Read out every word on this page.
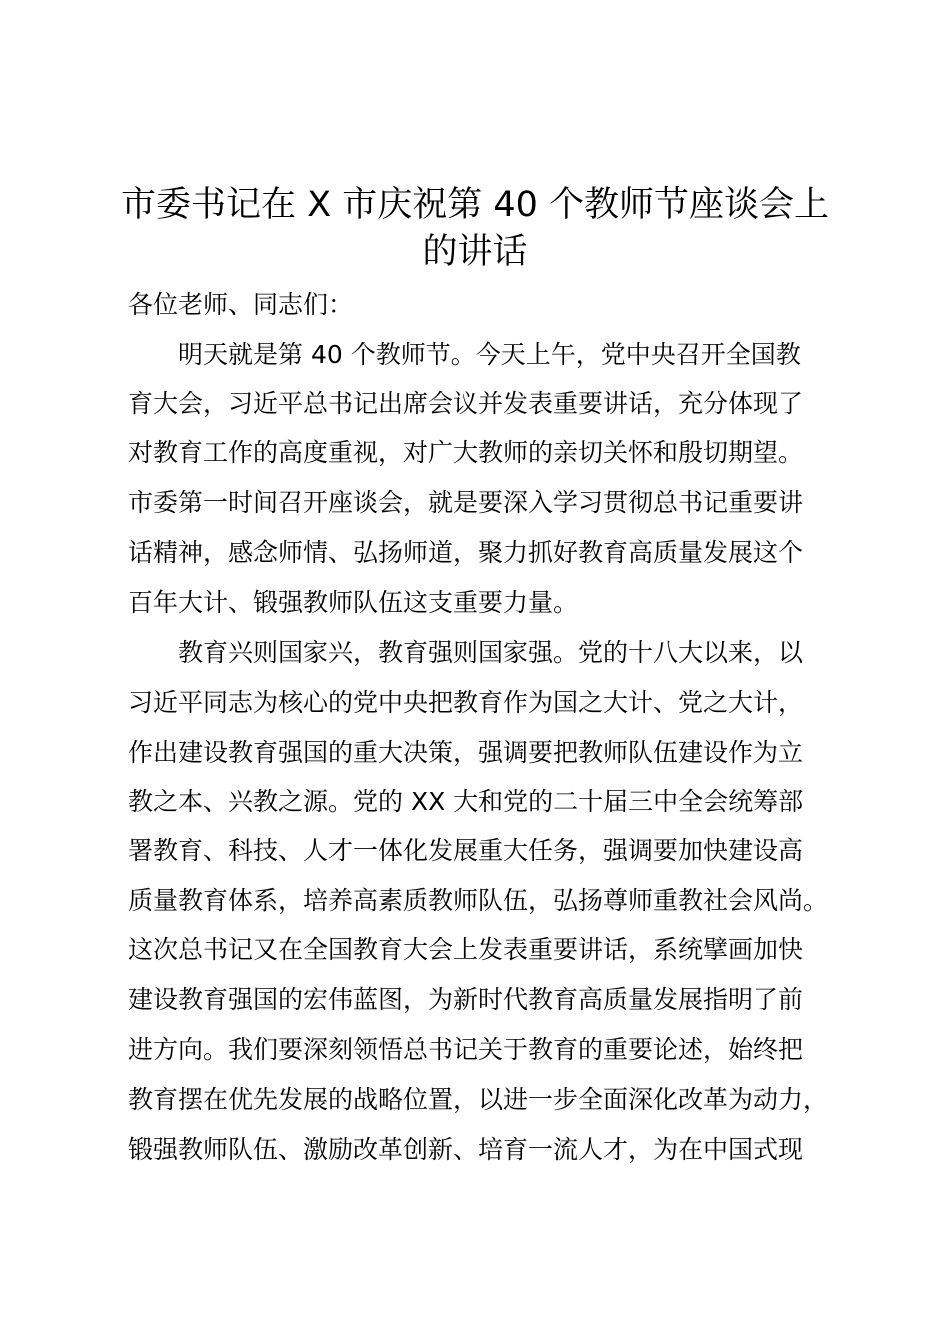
市委书记在 X 市庆祝第 40 个教师节座谈会上
的讲话

各位老师、同志们：

　　明天就是第 40 个教师节。今天上午，党中央召开全国教

育大会，习近平总书记出席会议并发表重要讲话，充分体现了

对教育工作的高度重视，对广大教师的亲切关怀和殷切期望。

市委第一时间召开座谈会，就是要深入学习贯彻总书记重要讲

话精神，感念师情、弘扬师道，聚力抓好教育高质量发展这个

百年大计、锻强教师队伍这支重要力量。

　　教育兴则国家兴，教育强则国家强。党的十八大以来，以

习近平同志为核心的党中央把教育作为国之大计、党之大计，

作出建设教育强国的重大决策，强调要把教师队伍建设作为立

教之本、兴教之源。党的 XX 大和党的二十届三中全会统筹部

署教育、科技、人才一体化发展重大任务，强调要加快建设高

质量教育体系，培养高素质教师队伍，弘扬尊师重教社会风尚。

这次总书记又在全国教育大会上发表重要讲话，系统擘画加快

建设教育强国的宏伟蓝图，为新时代教育高质量发展指明了前

进方向。我们要深刻领悟总书记关于教育的重要论述，始终把

教育摆在优先发展的战略位置，以进一步全面深化改革为动力，

锻强教师队伍、激励改革创新、培育一流人才，为在中国式现
